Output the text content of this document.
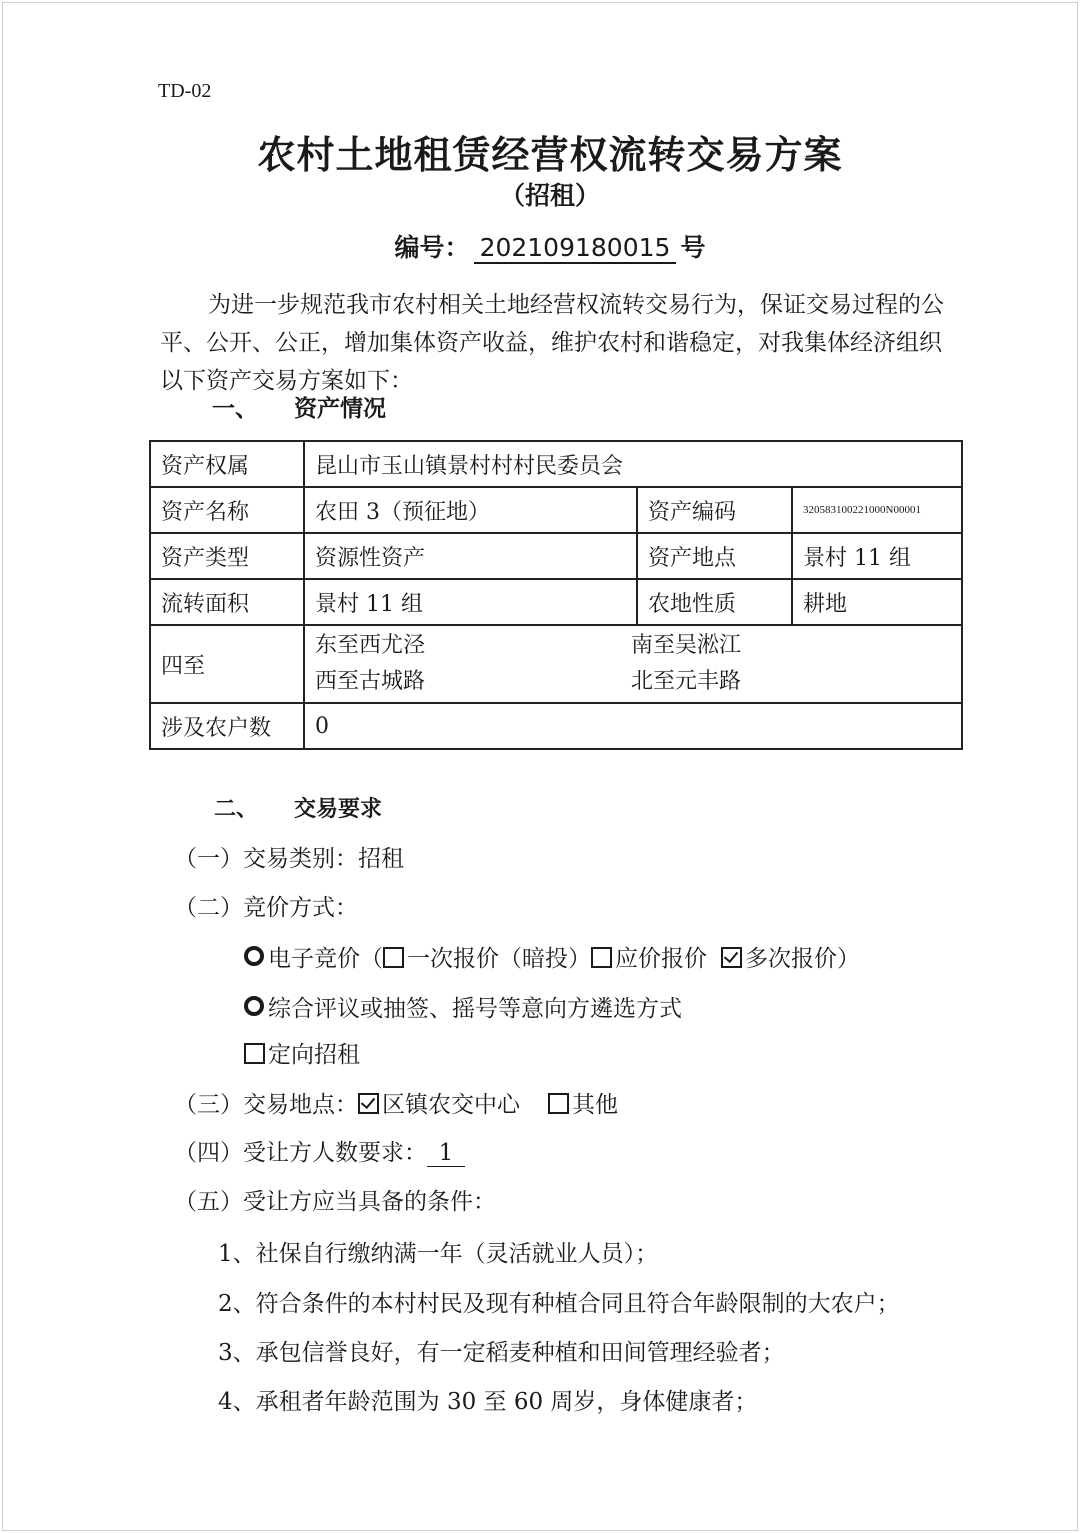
TD-02
农村土地租赁经营权流转交易方案
（招租）
编号： 202109180015 号
为进一步规范我市农村相关土地经营权流转交易行为，保证交易过程的公平、公开、公正，增加集体资产收益，维护农村和谐稳定，对我集体经济组织以下资产交易方案如下：
一、 资产情况
资产权属	昆山市玉山镇景村村村民委员会		
资产名称	农田 3（预征地）	资产编码	320583100221000N00001
资产类型	资源性资产	资产地点	景村 11 组
流转面积	景村 11 组	农地性质	耕地
四至	东至西尤泾 南至吴淞江
西至古城路 北至元丰路		

涉及农户数	0		
二、 交易要求
（一）交易类别：招租
（二）竞价方式：
电子竞价（ 一次报价（暗投） 应价报价 多次报价）
综合评议或抽签、摇号等意向方遴选方式
定向招租
（三）交易地点： 区镇农交中心 其他
（四）受让方人数要求： 1
（五）受让方应当具备的条件：
1、社保自行缴纳满一年（灵活就业人员）；
2、符合条件的本村村民及现有种植合同且符合年龄限制的大农户；
3、承包信誉良好，有一定稻麦种植和田间管理经验者；
4、承租者年龄范围为 30 至 60 周岁，身体健康者；
